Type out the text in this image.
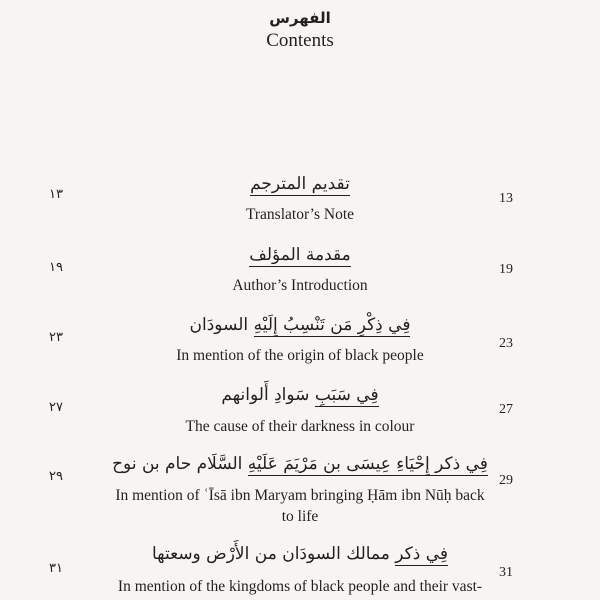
الفهرس
Contents
تقديم المترجم
Translator’s Note
١٣	13
مقدمة المؤلف
Author’s Introduction
١٩	19
فِي ذِكْرِ مَن تَنْسِبُ إِلَيْهِ السودَان
In mention of the origin of black people
٢٣	23
فِي سَبَبِ سَوادِ أَلوانهم
The cause of their darkness in colour
٢٧	27
فِي ذكر إِحْيَاءِ عِيسَى بن مَرْيَمَ عَلَيْهِ السَّلَام حام بن نوح
In mention of ʿĪsā ibn Maryam bringing Ḥām ibn Nūḥ back to life
٢٩	29
فِي ذكر ممالك السودَان من الأَرْض وسعتها
In mention of the kingdoms of black people and their vast-
٣١	31
